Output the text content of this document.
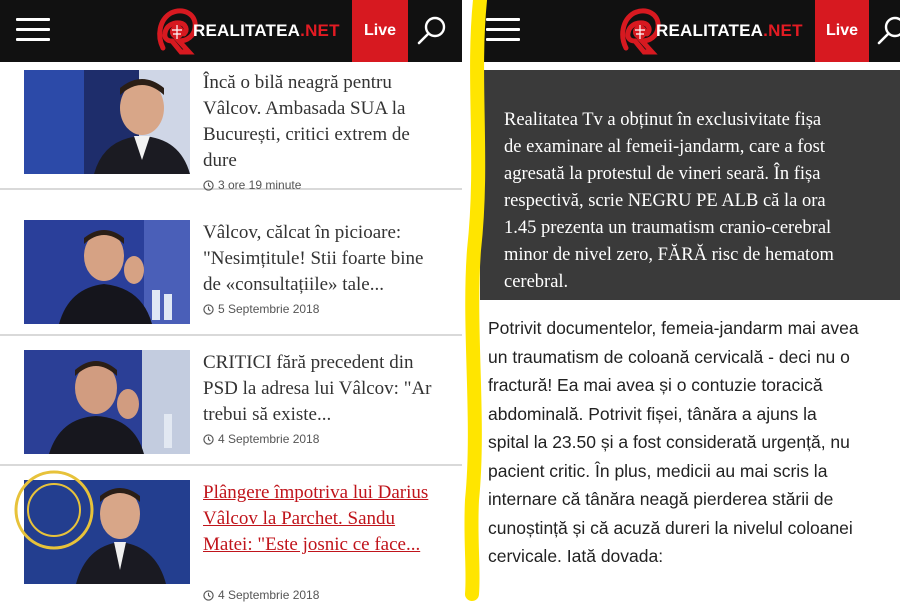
REALITATEA.NET	Live
Încă o bilă neagră pentru Vâlcov. Ambasada SUA la București, critici extrem de dure
3 ore 19 minute
Vâlcov, călcat în picioare: "Nesimțitule! Stii foarte bine de «consultațiile» tale...
5 Septembrie 2018
CRITICI fără precedent din PSD la adresa lui Vâlcov: "Ar trebui să existe...
4 Septembrie 2018
Plângere împotriva lui Darius Vâlcov la Parchet. Sandu Matei: "Este josnic ce face...
4 Septembrie 2018
REALITATEA.NET	Live
Realitatea Tv a obținut în exclusivitate fișa
de examinare al femeii-jandarm, care a fost
agresată la protestul de vineri seară. În fișa
respectivă, scrie NEGRU PE ALB că la ora
1.45 prezenta un traumatism cranio-cerebral
minor de nivel zero, FĂRĂ risc de hematom
cerebral.
Potrivit documentelor, femeia-jandarm mai avea
un traumatism de coloană cervicală - deci nu o
fractură! Ea mai avea și o contuzie toracică
abdominală. Potrivit fișei, tânăra a ajuns la
spital la 23.50 și a fost considerată urgență, nu
pacient critic. În plus, medicii au mai scris la
internare că tânăra neagă pierderea stării de
cunoștință și că acuză dureri la nivelul coloanei
cervicale. Iată dovada:
